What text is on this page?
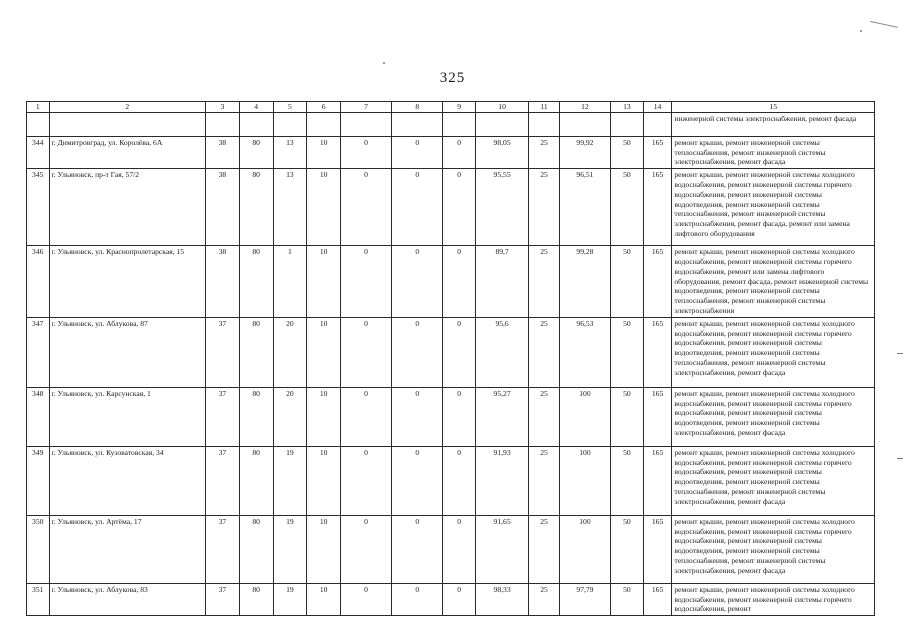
325
1	2	3	4	5	6	7	8	9	10	11	12	13	14	15
														инженерной системы электроснабжения, ремонт фасада
344	г. Димитровград, ул. Королёва, 6А	38	80	13	10	0	0	0	98,05	25	99,92	50	165	ремонт крыши, ремонт инженерной системы теплоснабжения, ремонт инженерной системы электроснабжения, ремонт фасада
345	г. Ульяновск, пр-т Гая, 57/2	38	80	13	10	0	0	0	95,55	25	96,51	50	165	ремонт крыши, ремонт инженерной системы холодного водоснабжения, ремонт инженерной системы горячего водоснабжения, ремонт инженерной системы водоотведения, ремонт инженерной системы теплоснабжения, ремонт инженерной системы электроснабжения, ремонт фасада, ремонт или замена лифтового оборудования
346	г. Ульяновск, ул. Краснопролетарская, 15	38	80	1	10	0	0	0	89,7	25	99,28	50	165	ремонт крыши, ремонт инженерной системы холодного водоснабжения, ремонт инженерной системы горячего водоснабжения, ремонт или замена лифтового оборудования, ремонт фасада, ремонт инженерной системы водоотведения, ремонт инженерной системы теплоснабжения, ремонт инженерной системы электроснабжения
347	г. Ульяновск, ул. Аблукова, 87	37	80	20	10	0	0	0	95,6	25	96,53	50	165	ремонт крыши, ремонт инженерной системы холодного водоснабжения, ремонт инженерной системы горячего водоснабжения, ремонт инженерной системы водоотведения, ремонт инженерной системы теплоснабжения, ремонт инженерной системы электроснабжения, ремонт фасада
348	г. Ульяновск, ул. Карсунская, 1	37	80	20	10	0	0	0	95,27	25	100	50	165	ремонт крыши, ремонт инженерной системы холодного водоснабжения, ремонт инженерной системы горячего водоснабжения, ремонт инженерной системы водоотведения, ремонт инженерной системы электроснабжения, ремонт фасада
349	г. Ульяновск, ул. Кузоватовская, 34	37	80	19	10	0	0	0	91,93	25	100	50	165	ремонт крыши, ремонт инженерной системы холодного водоснабжения, ремонт инженерной системы горячего водоснабжения, ремонт инженерной системы водоотведения, ремонт инженерной системы теплоснабжения, ремонт инженерной системы электроснабжения, ремонт фасада
350	г. Ульяновск, ул. Артёма, 17	37	80	19	10	0	0	0	91,65	25	100	50	165	ремонт крыши, ремонт инженерной системы холодного водоснабжения, ремонт инженерной системы горячего водоснабжения, ремонт инженерной системы водоотведения, ремонт инженерной системы теплоснабжения, ремонт инженерной системы электроснабжения, ремонт фасада
351	г. Ульяновск, ул. Аблукова, 83	37	80	19	10	0	0	0	98,33	25	97,79	50	165	ремонт крыши, ремонт инженерной системы холодного водоснабжения, ремонт инженерной системы горячего водоснабжения, ремонт
